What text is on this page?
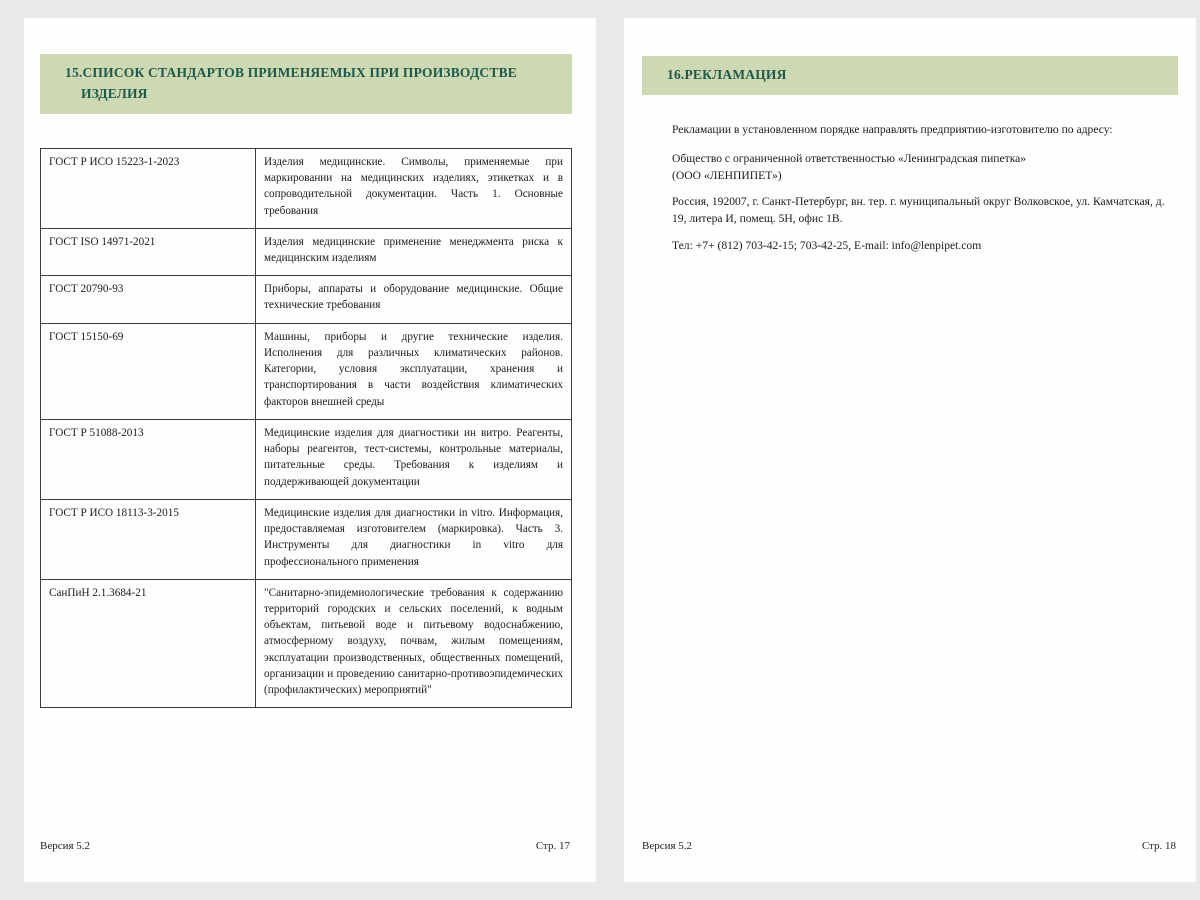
15.СПИСОК СТАНДАРТОВ ПРИМЕНЯЕМЫХ ПРИ ПРОИЗВОДСТВЕ ИЗДЕЛИЯ
ГОСТ Р ИСО 15223-1-2023	Изделия медицинские. Символы, применяемые при маркировании на медицинских изделиях, этикетках и в сопроводительной документации. Часть 1. Основные требования
ГОСТ ISO 14971-2021	Изделия медицинские применение менеджмента риска к медицинским изделиям
ГОСТ 20790-93	Приборы, аппараты и оборудование медицинские. Общие технические требования
ГОСТ 15150-69	Машины, приборы и другие технические изделия. Исполнения для различных климатических районов. Категории, условия эксплуатации, хранения и транспортирования в части воздействия климатических факторов внешней среды
ГОСТ Р 51088-2013	Медицинские изделия для диагностики ин витро. Реагенты, наборы реагентов, тест-системы, контрольные материалы, питательные среды. Требования к изделиям и поддерживающей документации
ГОСТ Р ИСО 18113-3-2015	Медицинские изделия для диагностики in vitro. Информация, предоставляемая изготовителем (маркировка). Часть 3. Инструменты для диагностики in vitro для профессионального применения
СанПиН 2.1.3684-21	"Санитарно-эпидемиологические требования к содержанию территорий городских и сельских поселений, к водным объектам, питьевой воде и питьевому водоснабжению, атмосферному воздуху, почвам, жилым помещениям, эксплуатации производственных, общественных помещений, организации и проведению санитарно-противоэпидемических (профилактических) мероприятий"
Версия 5.2	Стр. 17
16.РЕКЛАМАЦИЯ

Рекламации в установленном порядке направлять предприятию-изготовителю по адресу:

Общество с ограниченной ответственностью «Ленинградская пипетка»
(ООО «ЛЕНПИПЕТ»)

Россия, 192007, г. Санкт-Петербург, вн. тер. г. муниципальный округ Волковское, ул. Камчатская, д. 19, литера И, помещ. 5Н, офис 1В.

Тел: +7+ (812) 703-42-15; 703-42-25, E-mail: info@lenpipet.com

Версия 5.2	Стр. 18
